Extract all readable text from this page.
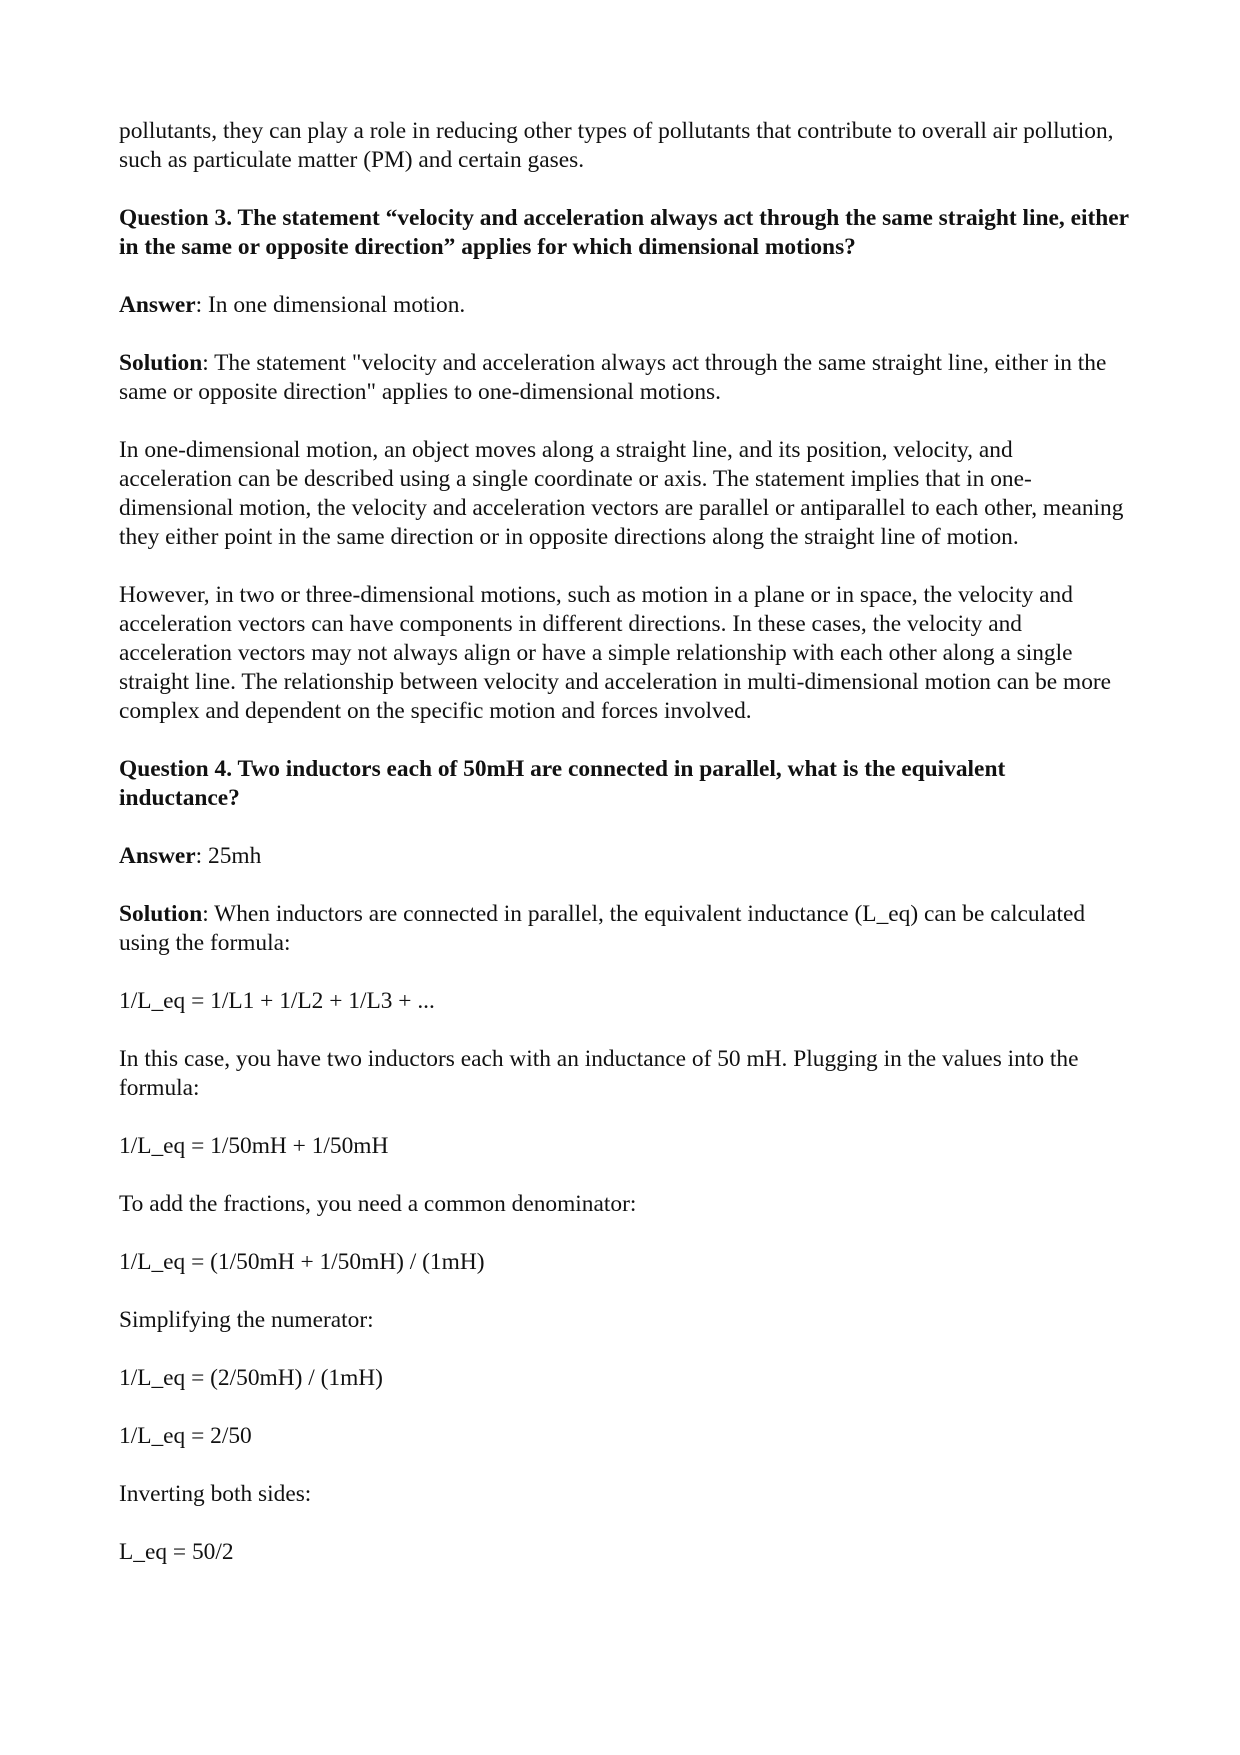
pollutants, they can play a role in reducing other types of pollutants that contribute to overall air pollution, such as particulate matter (PM) and certain gases.

Question 3. The statement “velocity and acceleration always act through the same straight line, either in the same or opposite direction” applies for which dimensional motions?

Answer: In one dimensional motion.

Solution: The statement "velocity and acceleration always act through the same straight line, either in the same or opposite direction" applies to one-dimensional motions.

In one-dimensional motion, an object moves along a straight line, and its position, velocity, and acceleration can be described using a single coordinate or axis. The statement implies that in one-dimensional motion, the velocity and acceleration vectors are parallel or antiparallel to each other, meaning they either point in the same direction or in opposite directions along the straight line of motion.

However, in two or three-dimensional motions, such as motion in a plane or in space, the velocity and acceleration vectors can have components in different directions. In these cases, the velocity and acceleration vectors may not always align or have a simple relationship with each other along a single straight line. The relationship between velocity and acceleration in multi-dimensional motion can be more complex and dependent on the specific motion and forces involved.

Question 4. Two inductors each of 50mH are connected in parallel, what is the equivalent inductance?

Answer: 25mh

Solution: When inductors are connected in parallel, the equivalent inductance (L_eq) can be calculated using the formula:

1/L_eq = 1/L1 + 1/L2 + 1/L3 + ...

In this case, you have two inductors each with an inductance of 50 mH. Plugging in the values into the formula:

1/L_eq = 1/50mH + 1/50mH

To add the fractions, you need a common denominator:

1/L_eq = (1/50mH + 1/50mH) / (1mH)

Simplifying the numerator:

1/L_eq = (2/50mH) / (1mH)

1/L_eq = 2/50

Inverting both sides:

L_eq = 50/2
